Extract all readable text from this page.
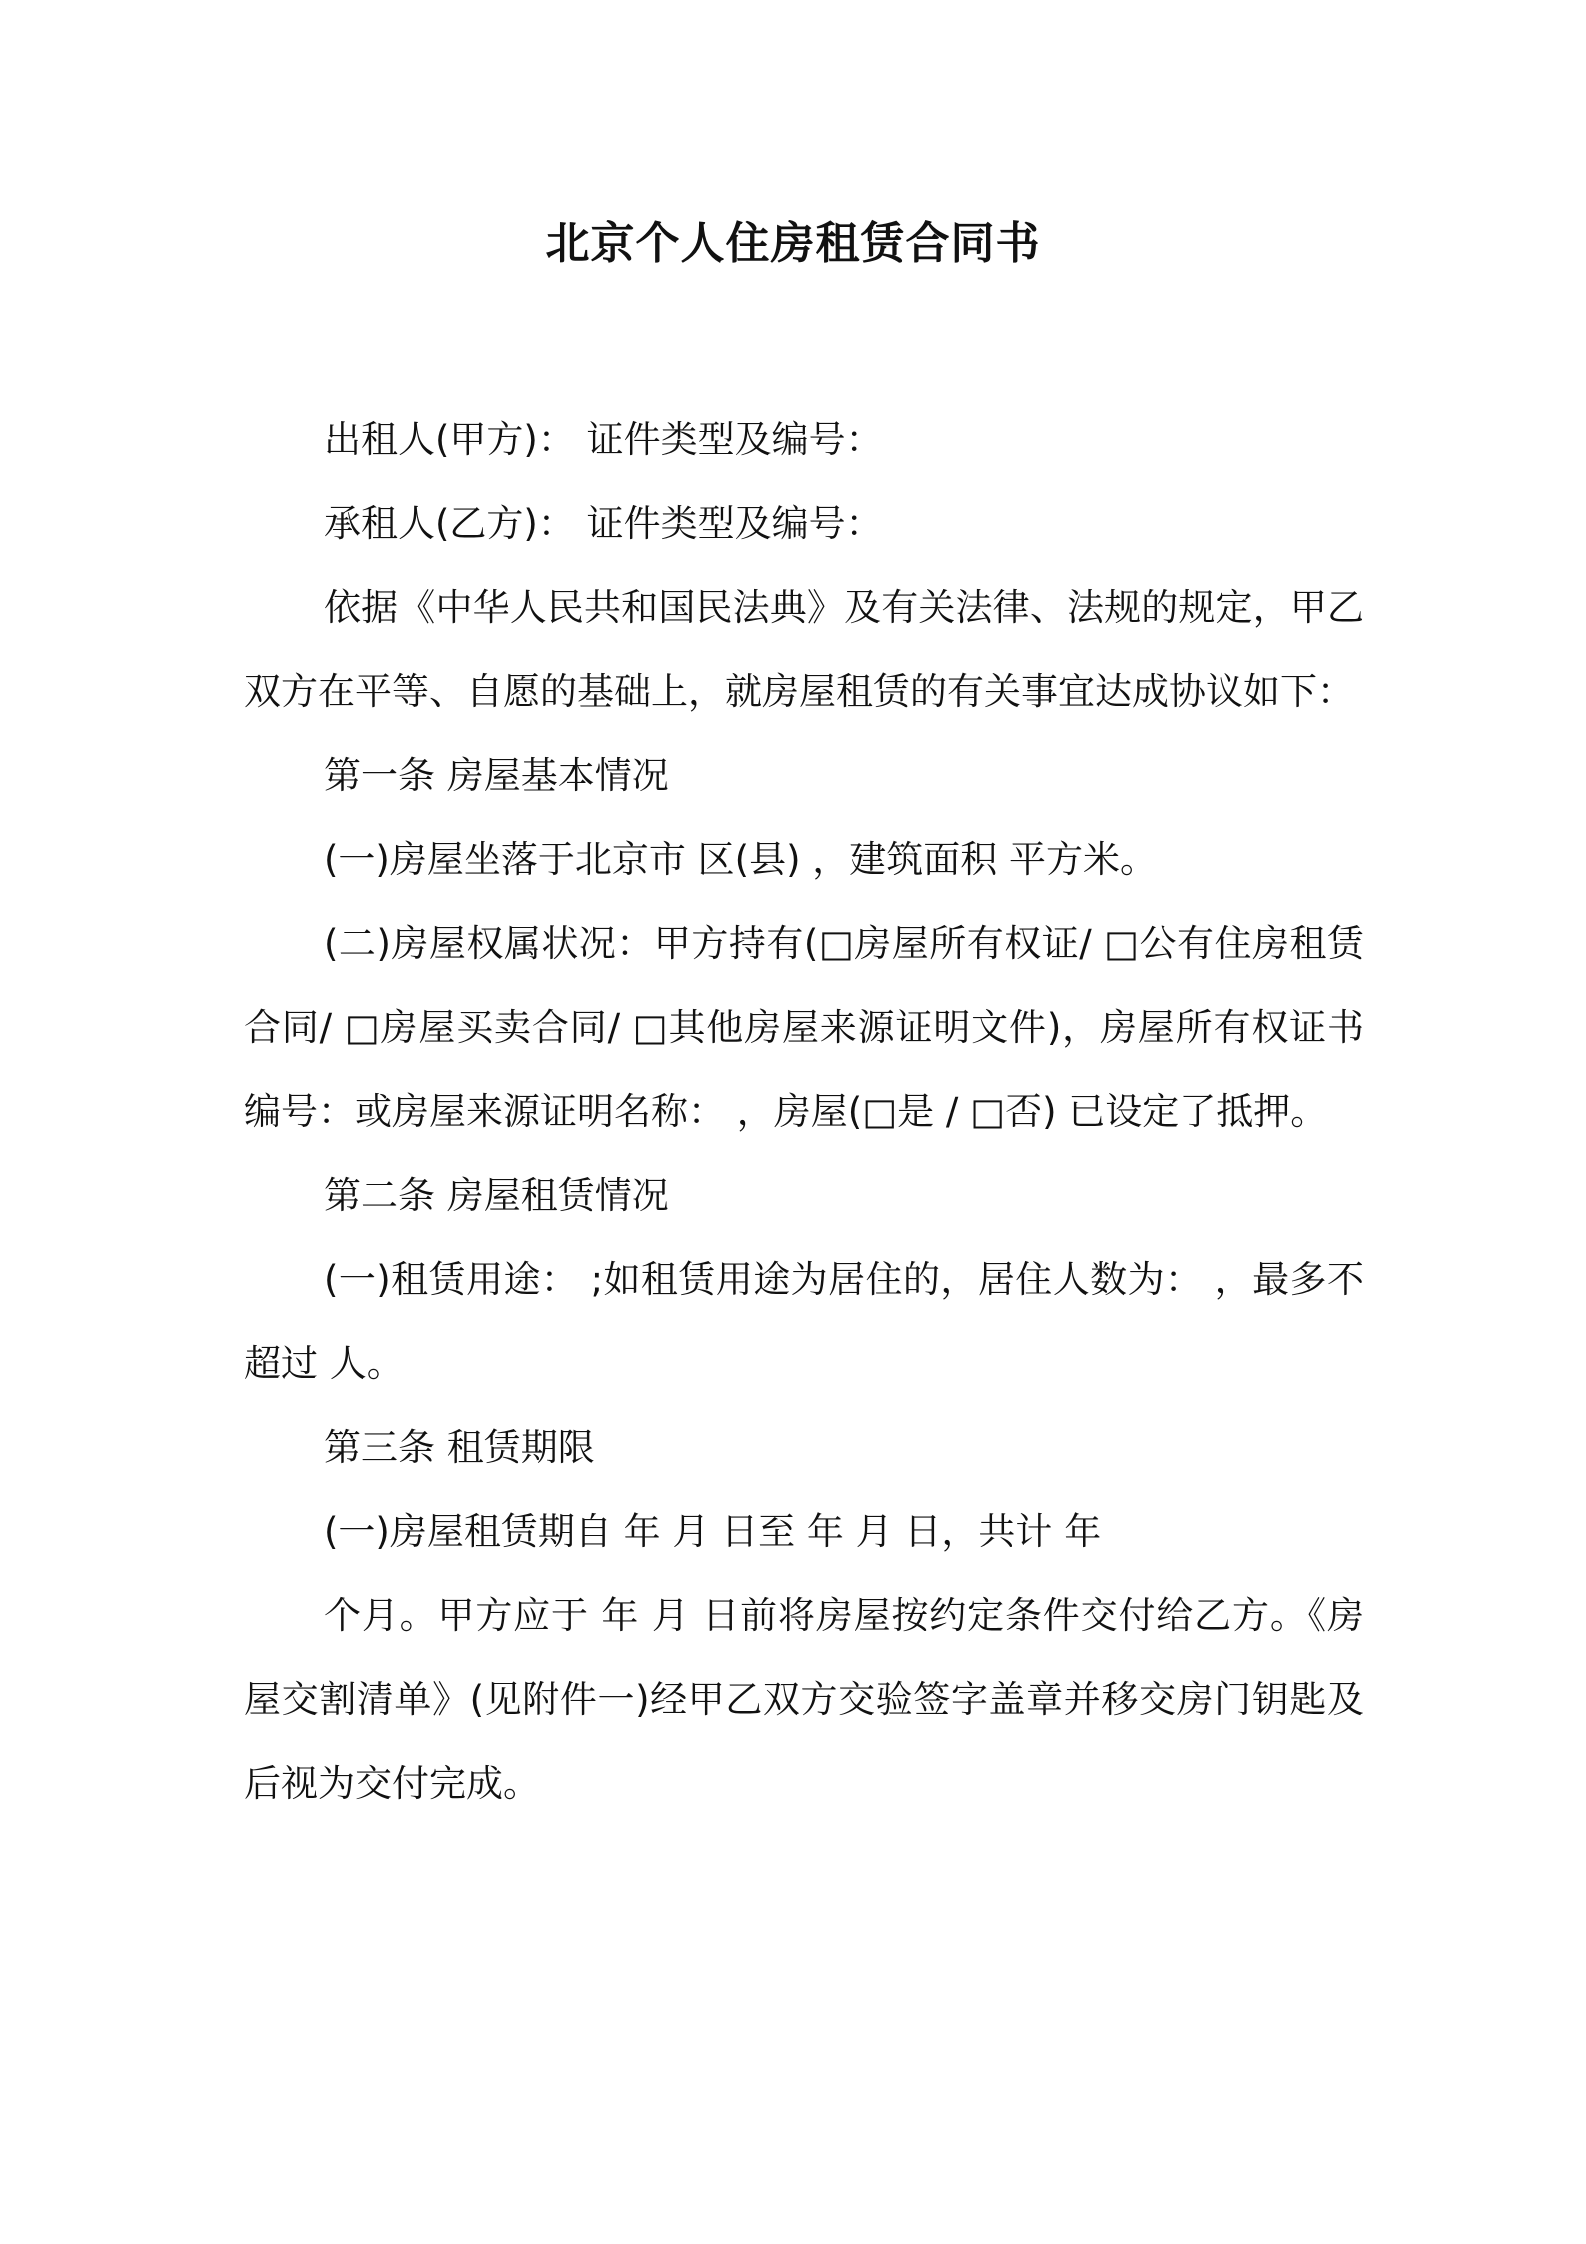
北京个人住房租赁合同书

出租人(甲方)： 证件类型及编号：

承租人(乙方)： 证件类型及编号：

依据《中华人民共和国民法典》及有关法律、法规的规定，甲乙双方在平等、自愿的基础上，就房屋租赁的有关事宜达成协议如下：

第一条 房屋基本情况

(一)房屋坐落于北京市 区(县) ，建筑面积 平方米。

(二)房屋权属状况：甲方持有(□房屋所有权证/ □公有住房租赁合同/ □房屋买卖合同/ □其他房屋来源证明文件)，房屋所有权证书编号：或房屋来源证明名称： ，房屋(□是 / □否) 已设定了抵押。

第二条 房屋租赁情况

(一)租赁用途： ;如租赁用途为居住的，居住人数为： ，最多不超过 人。

第三条 租赁期限

(一)房屋租赁期自 年 月 日至 年 月 日，共计 年

个月。甲方应于 年 月 日前将房屋按约定条件交付给乙方。《房屋交割清单》(见附件一)经甲乙双方交验签字盖章并移交房门钥匙及 后视为交付完成。
